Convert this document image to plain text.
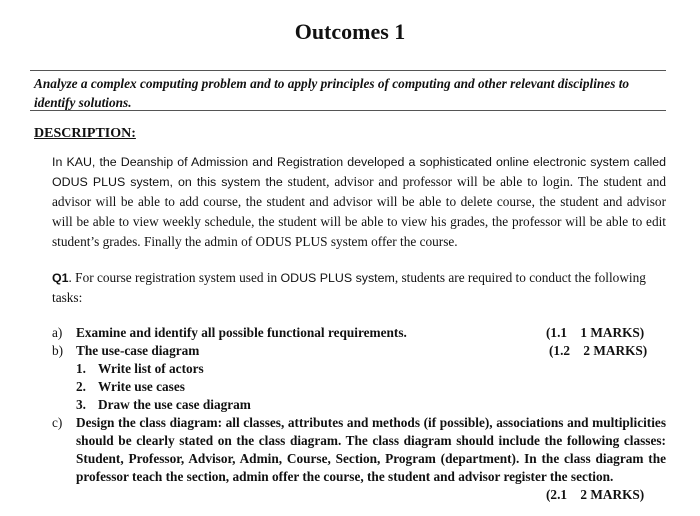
Outcomes 1
Analyze a complex computing problem and to apply principles of computing and other relevant disciplines to identify solutions.
DESCRIPTION:
In KAU, the Deanship of Admission and Registration developed a sophisticated online electronic system called ODUS PLUS system, on this system the student, advisor and professor will be able to login. The student and advisor will be able to add course, the student and advisor will be able to delete course, the student and advisor will be able to view weekly schedule, the student will be able to view his grades, the professor will be able to edit student’s grades. Finally the admin of ODUS PLUS system offer the course.
Q1. For course registration system used in ODUS PLUS system, students are required to conduct the following tasks:
a) Examine and identify all possible functional requirements.	(1.1    1 MARKS)
b) The use-case diagram	(1.2    2 MARKS)
1. Write list of actors
2. Write use cases
3. Draw the use case diagram
c) Design the class diagram: all classes, attributes and methods (if possible), associations and multiplicities should be clearly stated on the class diagram. The class diagram should include the following classes: Student, Professor, Advisor, Admin, Course, Section, Program (department). In the class diagram the professor teach the section, admin offer the course, the student and advisor register the section.
(2.1    2 MARKS)
